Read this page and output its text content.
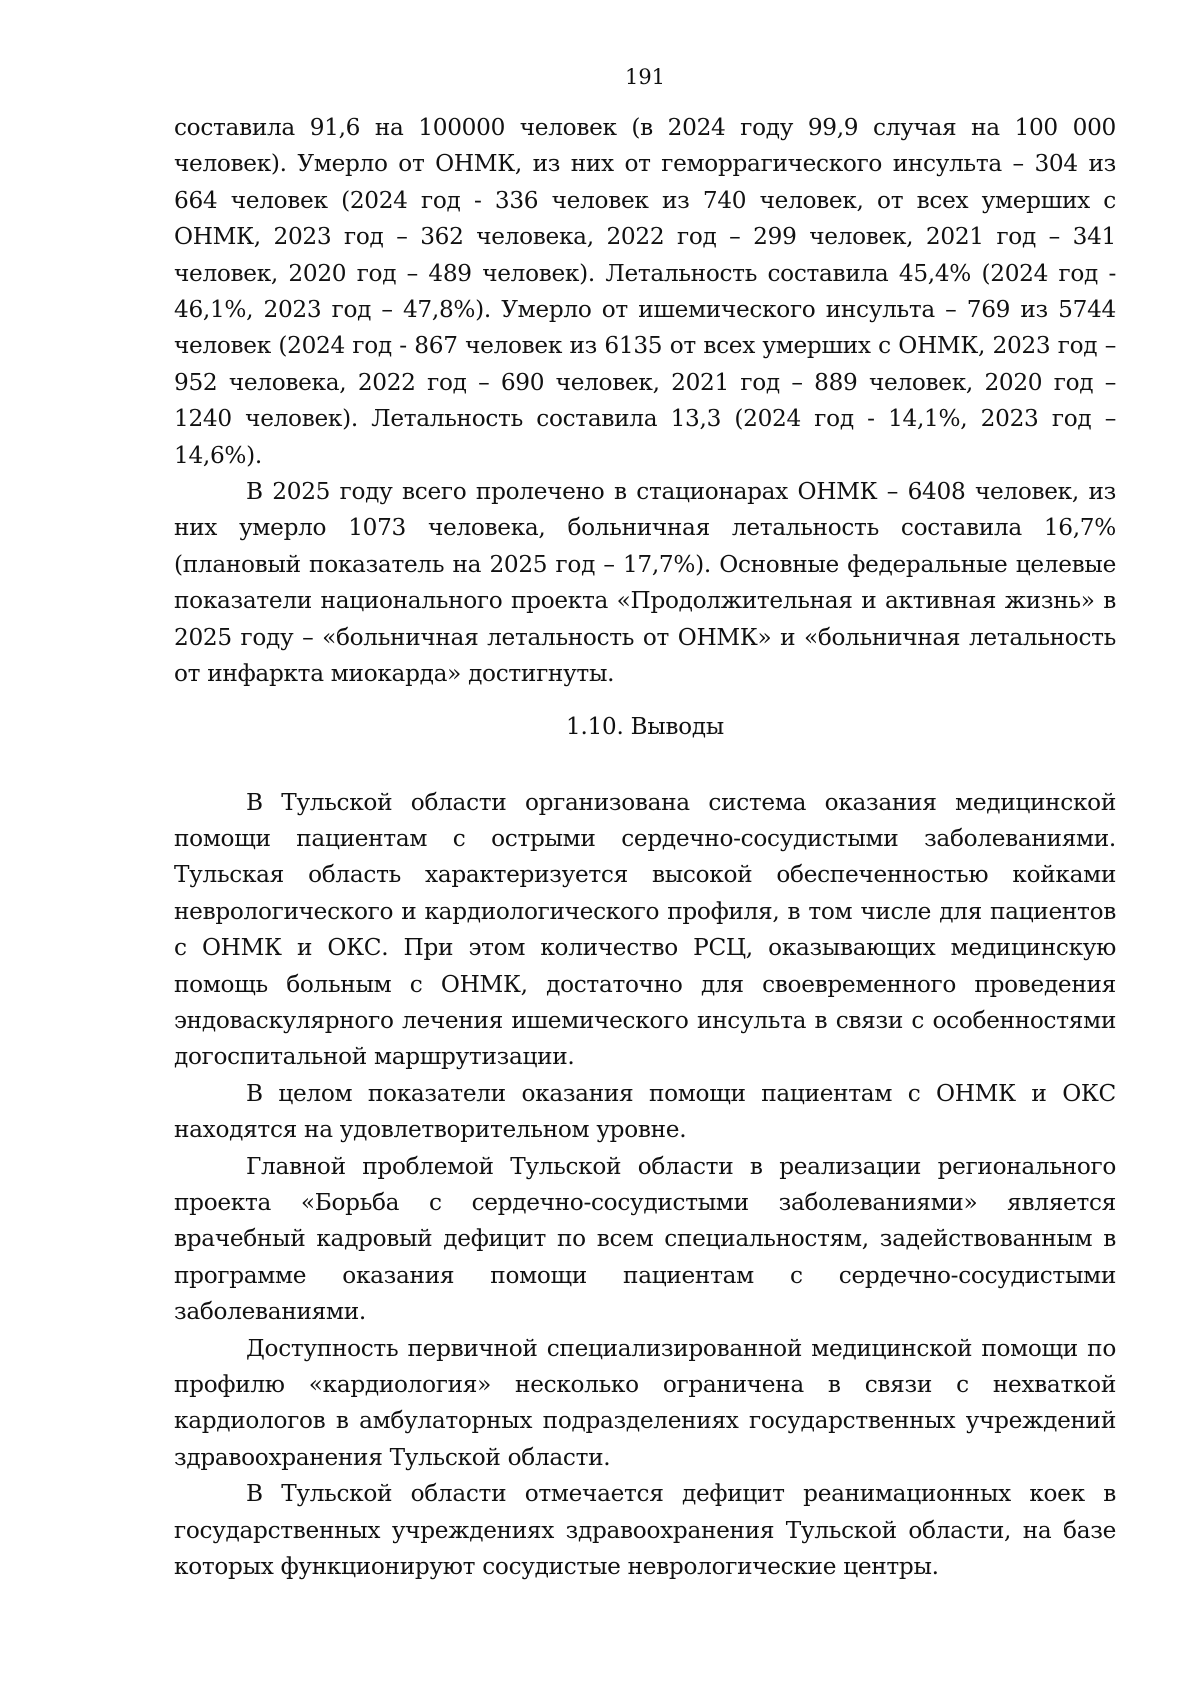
191

составила 91,6 на 100000 человек (в 2024 году 99,9 случая на 100 000 человек). Умерло от ОНМК, из них от геморрагического инсульта – 304 из 664 человек (2024 год - 336 человек из 740 человек, от всех умерших с ОНМК, 2023 год – 362 человека, 2022 год – 299 человек, 2021 год – 341 человек, 2020 год – 489 человек). Летальность составила 45,4% (2024 год - 46,1%, 2023 год – 47,8%). Умерло от ишемического инсульта – 769 из 5744 человек (2024 год - 867 человек из 6135 от всех умерших с ОНМК, 2023 год – 952 человека, 2022 год – 690 человек, 2021 год – 889 человек, 2020 год – 1240 человек). Летальность составила 13,3 (2024 год - 14,1%, 2023 год – 14,6%).

В 2025 году всего пролечено в стационарах ОНМК – 6408 человек, из них умерло 1073 человека, больничная летальность составила 16,7% (плановый показатель на 2025 год – 17,7%). Основные федеральные целевые показатели национального проекта «Продолжительная и активная жизнь» в 2025 году – «больничная летальность от ОНМК» и «больничная летальность от инфаркта миокарда» достигнуты.

1.10. Выводы

В Тульской области организована система оказания медицинской помощи пациентам с острыми сердечно-сосудистыми заболеваниями. Тульская область характеризуется высокой обеспеченностью койками неврологического и кардиологического профиля, в том числе для пациентов с ОНМК и ОКС. При этом количество РСЦ, оказывающих медицинскую помощь больным с ОНМК, достаточно для своевременного проведения эндоваскулярного лечения ишемического инсульта в связи с особенностями догоспитальной маршрутизации.

В целом показатели оказания помощи пациентам с ОНМК и ОКС находятся на удовлетворительном уровне.

Главной проблемой Тульской области в реализации регионального проекта «Борьба с сердечно-сосудистыми заболеваниями» является врачебный кадровый дефицит по всем специальностям, задействованным в программе оказания помощи пациентам с сердечно-сосудистыми заболеваниями.

Доступность первичной специализированной медицинской помощи по профилю «кардиология» несколько ограничена в связи с нехваткой кардиологов в амбулаторных подразделениях государственных учреждений здравоохранения Тульской области.

В Тульской области отмечается дефицит реанимационных коек в государственных учреждениях здравоохранения Тульской области, на базе которых функционируют сосудистые неврологические центры.
